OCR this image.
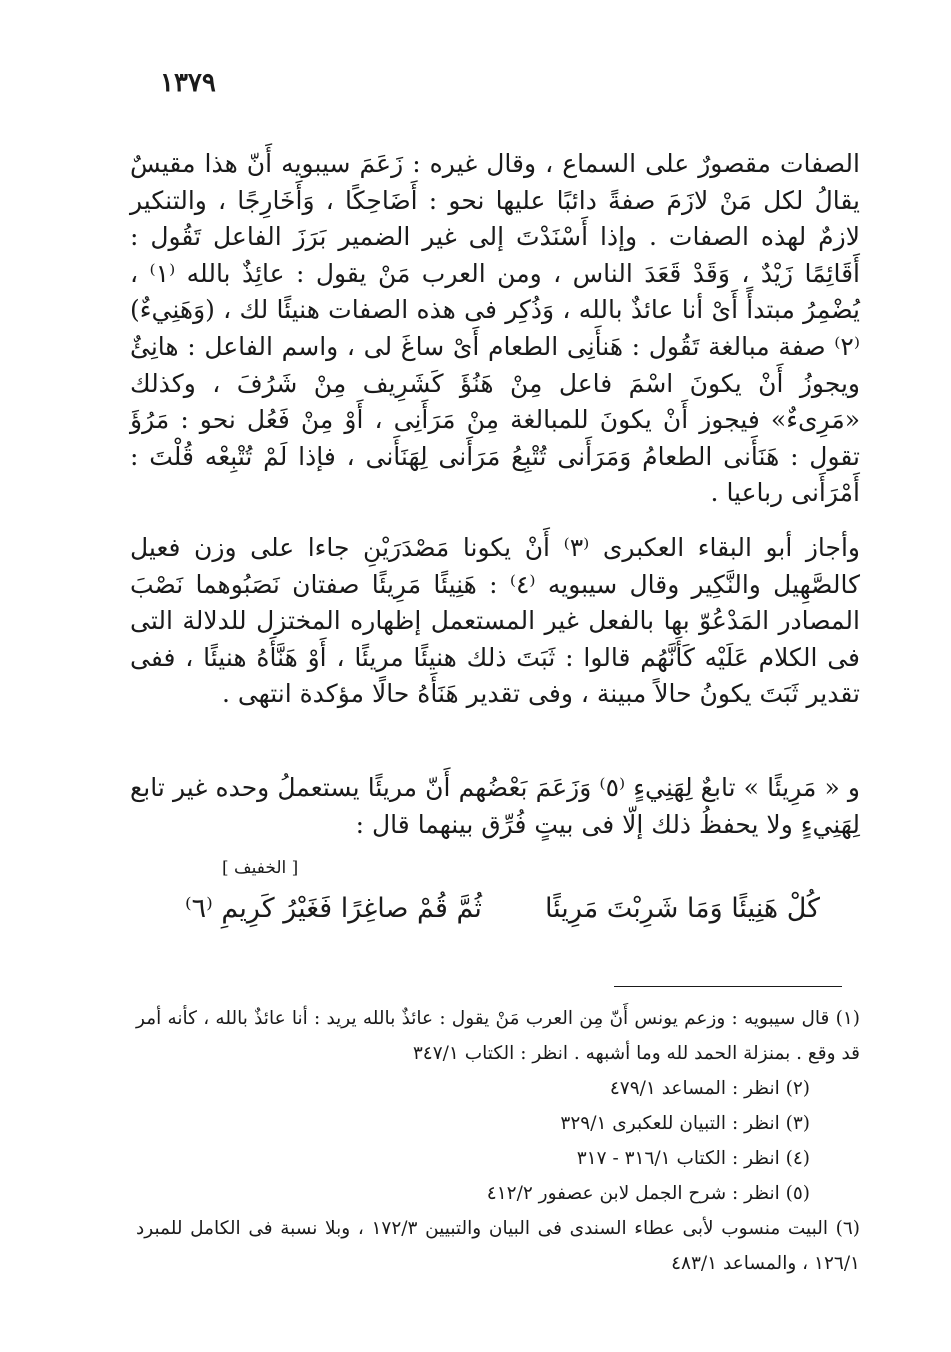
١٣٧٩

الصفات مقصورٌ على السماع ، وقال غيره : زَعَمَ سيبويه أَنّ هذا مقيسٌ يقالُ لكل مَنْ لازَمَ صفةً دائبًا عليها نحو : أَضَاحِكًا ، وَأَخَارِجًا ، والتنكير لازمٌ لهذه الصفات . وإذا أَسْنَدْتَ إلى غير الضمير بَرَزَ الفاعل تَقُول : أَقَائِمًا زَيْدٌ ، وَقَدْ قَعَدَ الناس ، ومن العرب مَنْ يقول : عائِذٌ بالله ⁽١⁾ ، يُضْمِرُ مبتدأً أَىْ أنا عائذٌ بالله ، وَذُكِر فى هذه الصفات هنيئًا لك ، (وَهَنِيءٌ) ⁽٢⁾ صفة مبالغة تَقُول : هَنأَنِى الطعام أَىْ ساغَ لى ، واسم الفاعل : هانِئٌ ويجوزُ أَنْ يكونَ اسْمَ فاعل مِنْ هَنُؤَ كَشَرِيف مِنْ شَرُفَ ، وكذلك «مَرِىءٌ» فيجوز أَنْ يكونَ للمبالغة مِنْ مَرَأَنِى ، أَوْ مِنْ فَعُل نحو : مَرُؤَ تقول : هَنَأَنى الطعامُ وَمَرَأَنى تُتْبِعُ مَرَأَنى لِهَنَأَنى ، فإذا لَمْ تُتْبِعْه قُلْتَ : أَمْرَأَنى رباعيا .

وأجاز أبو البقاء العكبرى ⁽٣⁾ أَنْ يكونا مَصْدَرَيْنِ جاءا على وزن فعيل كالصَّهِيل والنَّكِير وقال سيبويه ⁽٤⁾ : هَنِيئًا مَرِيئًا صفتان نَصَبُوهما نَصْبَ المصادر المَدْعُوّ بها بالفعل غير المستعمل إظهاره المختزل للدلالة التى فى الكلام عَلَيْه كَأَنَّهُم قالوا : ثَبَتَ ذلك هنيئًا مريئًا ، أَوْ هَنَّأَهُ هنيئًا ، ففى تقدير ثَبَتَ يكونُ حالاً مبينة ، وفى تقدير هَنَأَهُ حالًا مؤكدة انتهى .

و « مَرِيئًا » تابعٌ لِهَنِيءٍ ⁽٥⁾ وَزَعَمَ بَعْضُهم أَنّ مريئًا يستعملُ وحده غير تابع لِهَنِيءٍ ولا يحفظُ ذلك إلّا فى بيتٍ فُرِّق بينهما قال :

[ الخفيف ]
كُلْ هَنِيئًا وَمَا شَرِبْتَ مَرِيئًا
ثُمَّ قُمْ صاغِرًا فَغَيْرُ كَرِيمِ ⁽٦⁾

(١) قال سيبويه : وزعم يونس أَنّ مِن العرب مَنْ يقول : عائذٌ بالله يريد : أنا عائذٌ بالله ، كأنه أمر قد وقع . بمنزلة الحمد لله وما أشبهه . انظر : الكتاب ٣٤٧/١

(٢) انظر : المساعد ٤٧٩/١

(٣) انظر : التبيان للعكبرى ٣٢٩/١

(٤) انظر : الكتاب ٣١٦/١ - ٣١٧

(٥) انظر : شرح الجمل لابن عصفور ٤١٢/٢

(٦) البيت منسوب لأبى عطاء السندى فى البيان والتبيين ١٧٢/٣ ، وبلا نسبة فى الكامل للمبرد ١٢٦/١ ، والمساعد ٤٨٣/١
